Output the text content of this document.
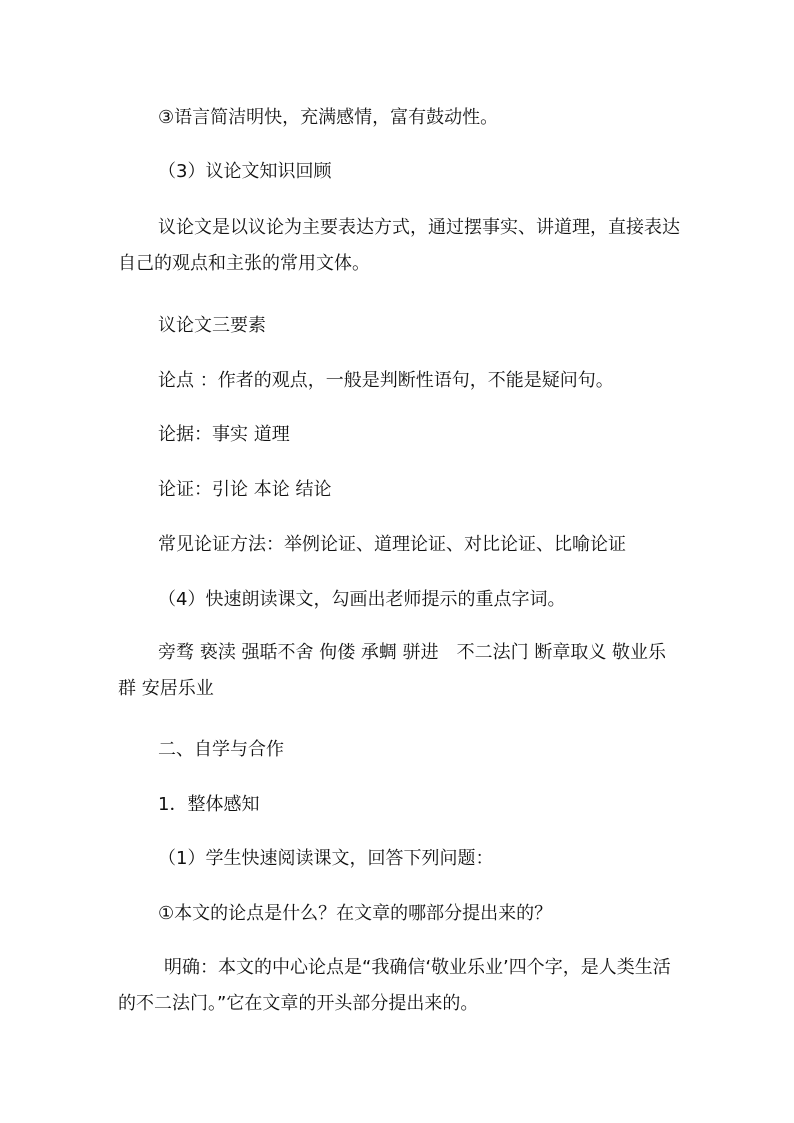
③语言简洁明快，充满感情，富有鼓动性。

（3）议论文知识回顾

议论文是以议论为主要表达方式，通过摆事实、讲道理，直接表达自己的观点和主张的常用文体。

议论文三要素

论点 ：作者的观点，一般是判断性语句，不能是疑问句。

论据：事实 道理

论证：引论 本论 结论

常见论证方法：举例论证、道理论证、对比论证、比喻论证

（4）快速朗读课文，勾画出老师提示的重点字词。

旁骛 亵渎 强聒不舍 佝偻 承蜩 骈进　不二法门 断章取义 敬业乐群 安居乐业

二、自学与合作

1．整体感知

（1）学生快速阅读课文，回答下列问题：

①本文的论点是什么？在文章的哪部分提出来的？

明确：本文的中心论点是“我确信‘敬业乐业’四个字，是人类生活的不二法门。”它在文章的开头部分提出来的。
